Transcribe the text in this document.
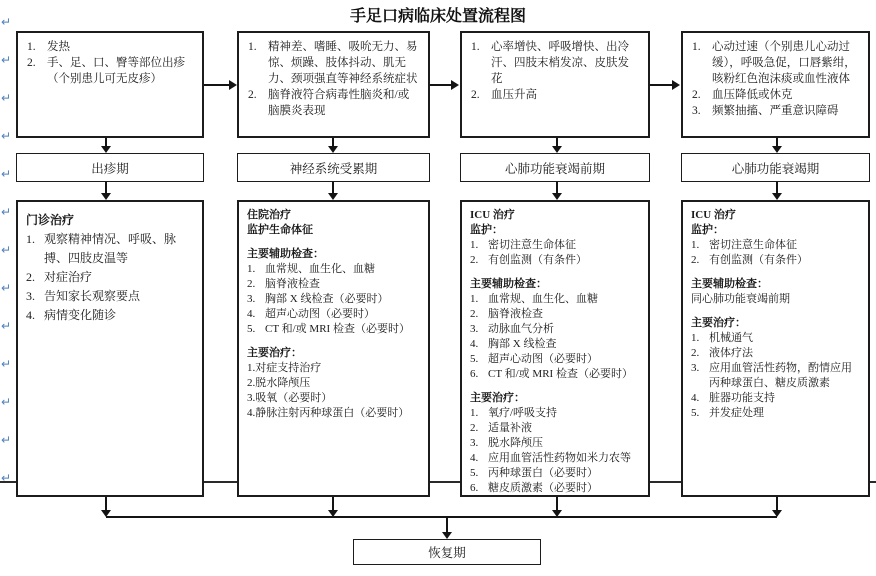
手足口病临床处置流程图
1. 发热
2. 手、足、口、臀等部位出疹（个别患儿可无皮疹）
出疹期
门诊治疗
1. 观察精神情况、呼吸、脉搏、四肢皮温等
2. 对症治疗
3. 告知家长观察要点
4. 病情变化随诊
1. 精神差、嗜睡、吸吮无力、易惊、烦躁、肢体抖动、肌无力、颈项强直等神经系统症状
2. 脑脊液符合病毒性脑炎和/或脑膜炎表现
神经系统受累期
住院治疗
监护生命体征
主要辅助检查：
1. 血常规、血生化、血糖
2. 脑脊液检查
3. 胸部 X 线检查（必要时）
4. 超声心动图（必要时）
5. CT 和/或 MRI 检查（必要时）
主要治疗：
1.对症支持治疗
2.脱水降颅压
3.吸氧（必要时）
4.静脉注射丙种球蛋白（必要时）
1. 心率增快、呼吸增快、出冷汗、四肢末梢发凉、皮肤发花
2. 血压升高
心肺功能衰竭前期
ICU 治疗
监护：
1. 密切注意生命体征
2. 有创监测（有条件）
主要辅助检查：
1. 血常规、血生化、血糖
2. 脑脊液检查
3. 动脉血气分析
4. 胸部 X 线检查
5. 超声心动图（必要时）
6. CT 和/或 MRI 检查（必要时）
主要治疗：
1. 氧疗/呼吸支持
2. 适量补液
3. 脱水降颅压
4. 应用血管活性药物如米力农等
5. 丙种球蛋白（必要时）
6. 糖皮质激素（必要时）
1. 心动过速（个别患儿心动过缓），呼吸急促，口唇紫绀，咳粉红色泡沫痰或血性液体
2. 血压降低或休克
3. 频繁抽搐、严重意识障碍
心肺功能衰竭期
ICU 治疗
监护：
1. 密切注意生命体征
2. 有创监测（有条件）
主要辅助检查：
同心肺功能衰竭前期
主要治疗：
1. 机械通气
2. 液体疗法
3. 应用血管活性药物，酌情应用丙种球蛋白、糖皮质激素
4. 脏器功能支持
5. 并发症处理
恢复期
↵
↵
↵
↵
↵
↵
↵
↵
↵
↵
↵
↵
↵
